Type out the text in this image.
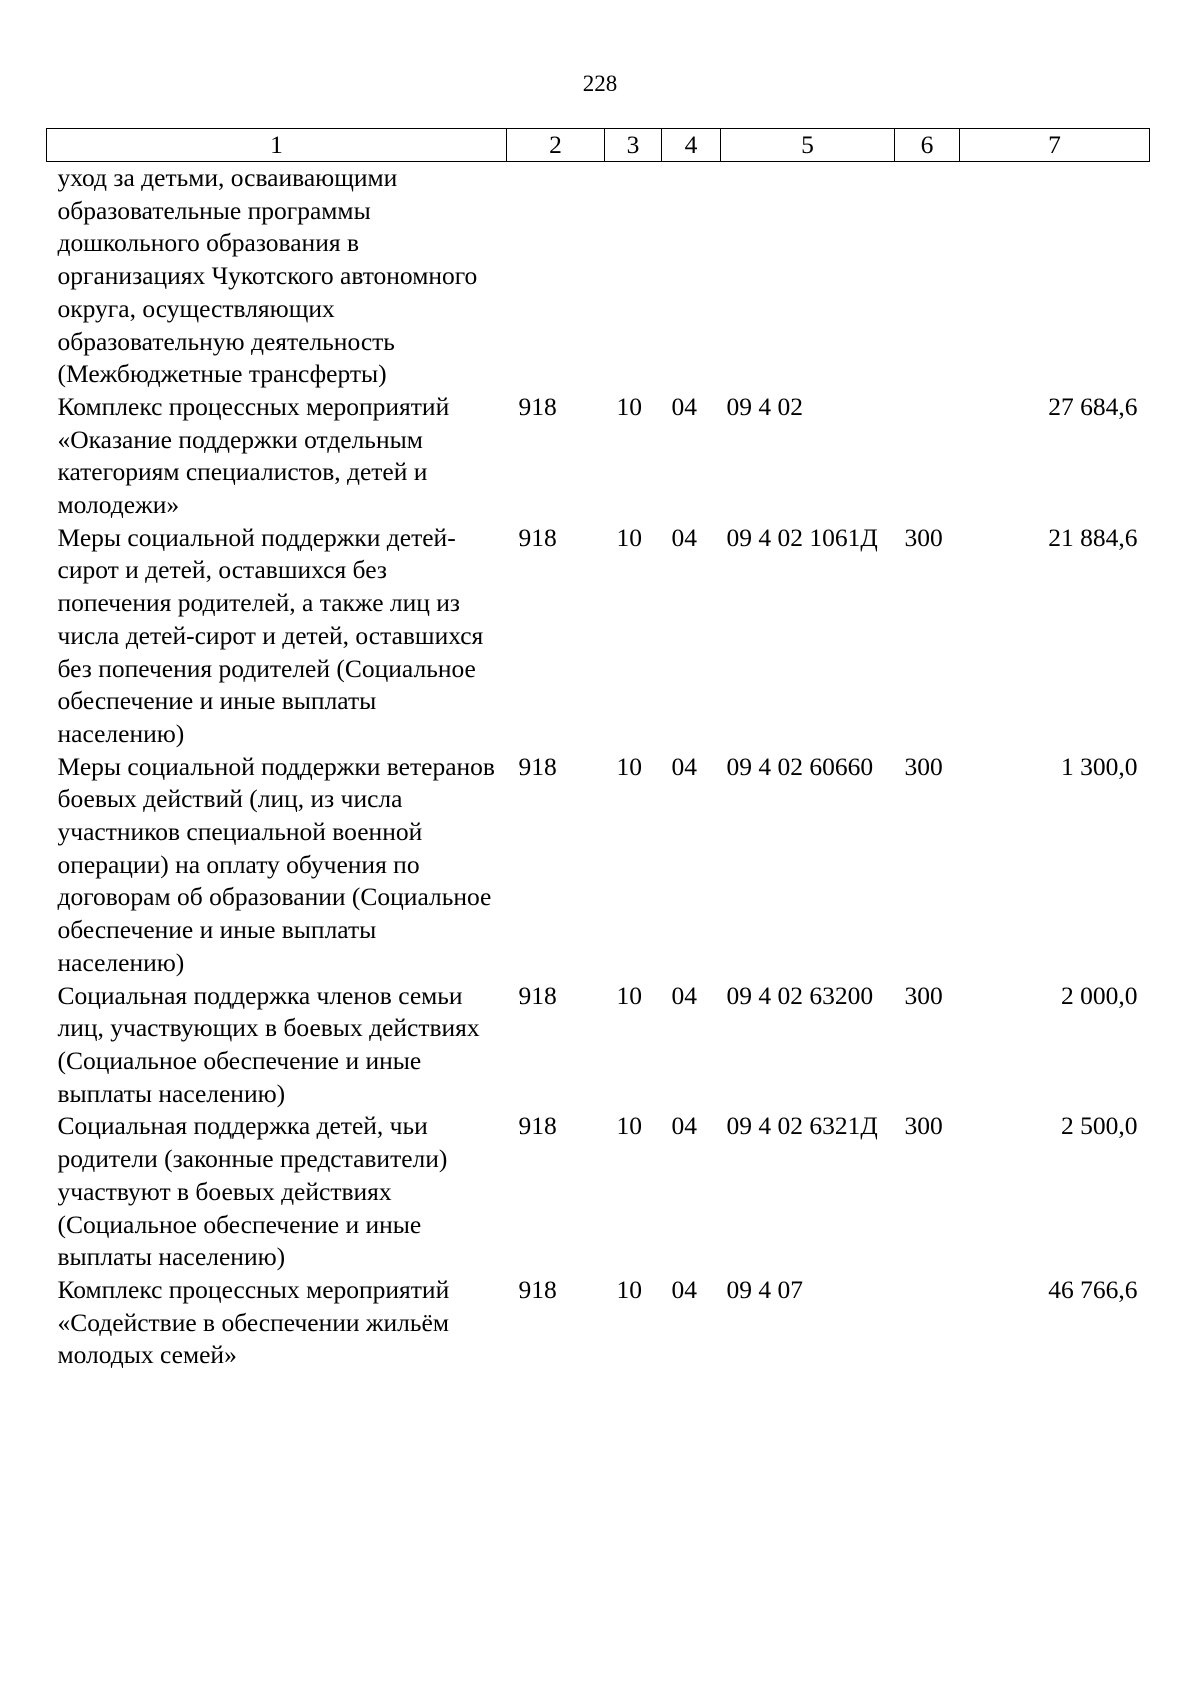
228
1	2	3	4	5	6	7
уход за детьми, осваивающими образовательные программы дошкольного образования в организациях Чукотского автономного округа, осуществляющих образовательную деятельность (Межбюджетные трансферты)						
Комплекс процессных мероприятий «Оказание поддержки отдельным категориям специалистов, детей и молодежи»	918	10	04	09 4 02		27 684,6
Меры социальной поддержки детей-сирот и детей, оставшихся без попечения родителей, а также лиц из числа детей-сирот и детей, оставшихся без попечения родителей (Социальное обеспечение и иные выплаты населению)	918	10	04	09 4 02 1061Д	300	21 884,6
Меры социальной поддержки ветеранов боевых действий (лиц, из числа участников специальной военной операции) на оплату обучения по договорам об образовании (Социальное обеспечение и иные выплаты населению)	918	10	04	09 4 02 60660	300	1 300,0
Социальная поддержка членов семьи лиц, участвующих в боевых действиях (Социальное обеспечение и иные выплаты населению)	918	10	04	09 4 02 63200	300	2 000,0
Социальная поддержка детей, чьи родители (законные представители) участвуют в боевых действиях (Социальное обеспечение и иные выплаты населению)	918	10	04	09 4 02 6321Д	300	2 500,0
Комплекс процессных мероприятий «Содействие в обеспечении жильём молодых семей»	918	10	04	09 4 07		46 766,6
